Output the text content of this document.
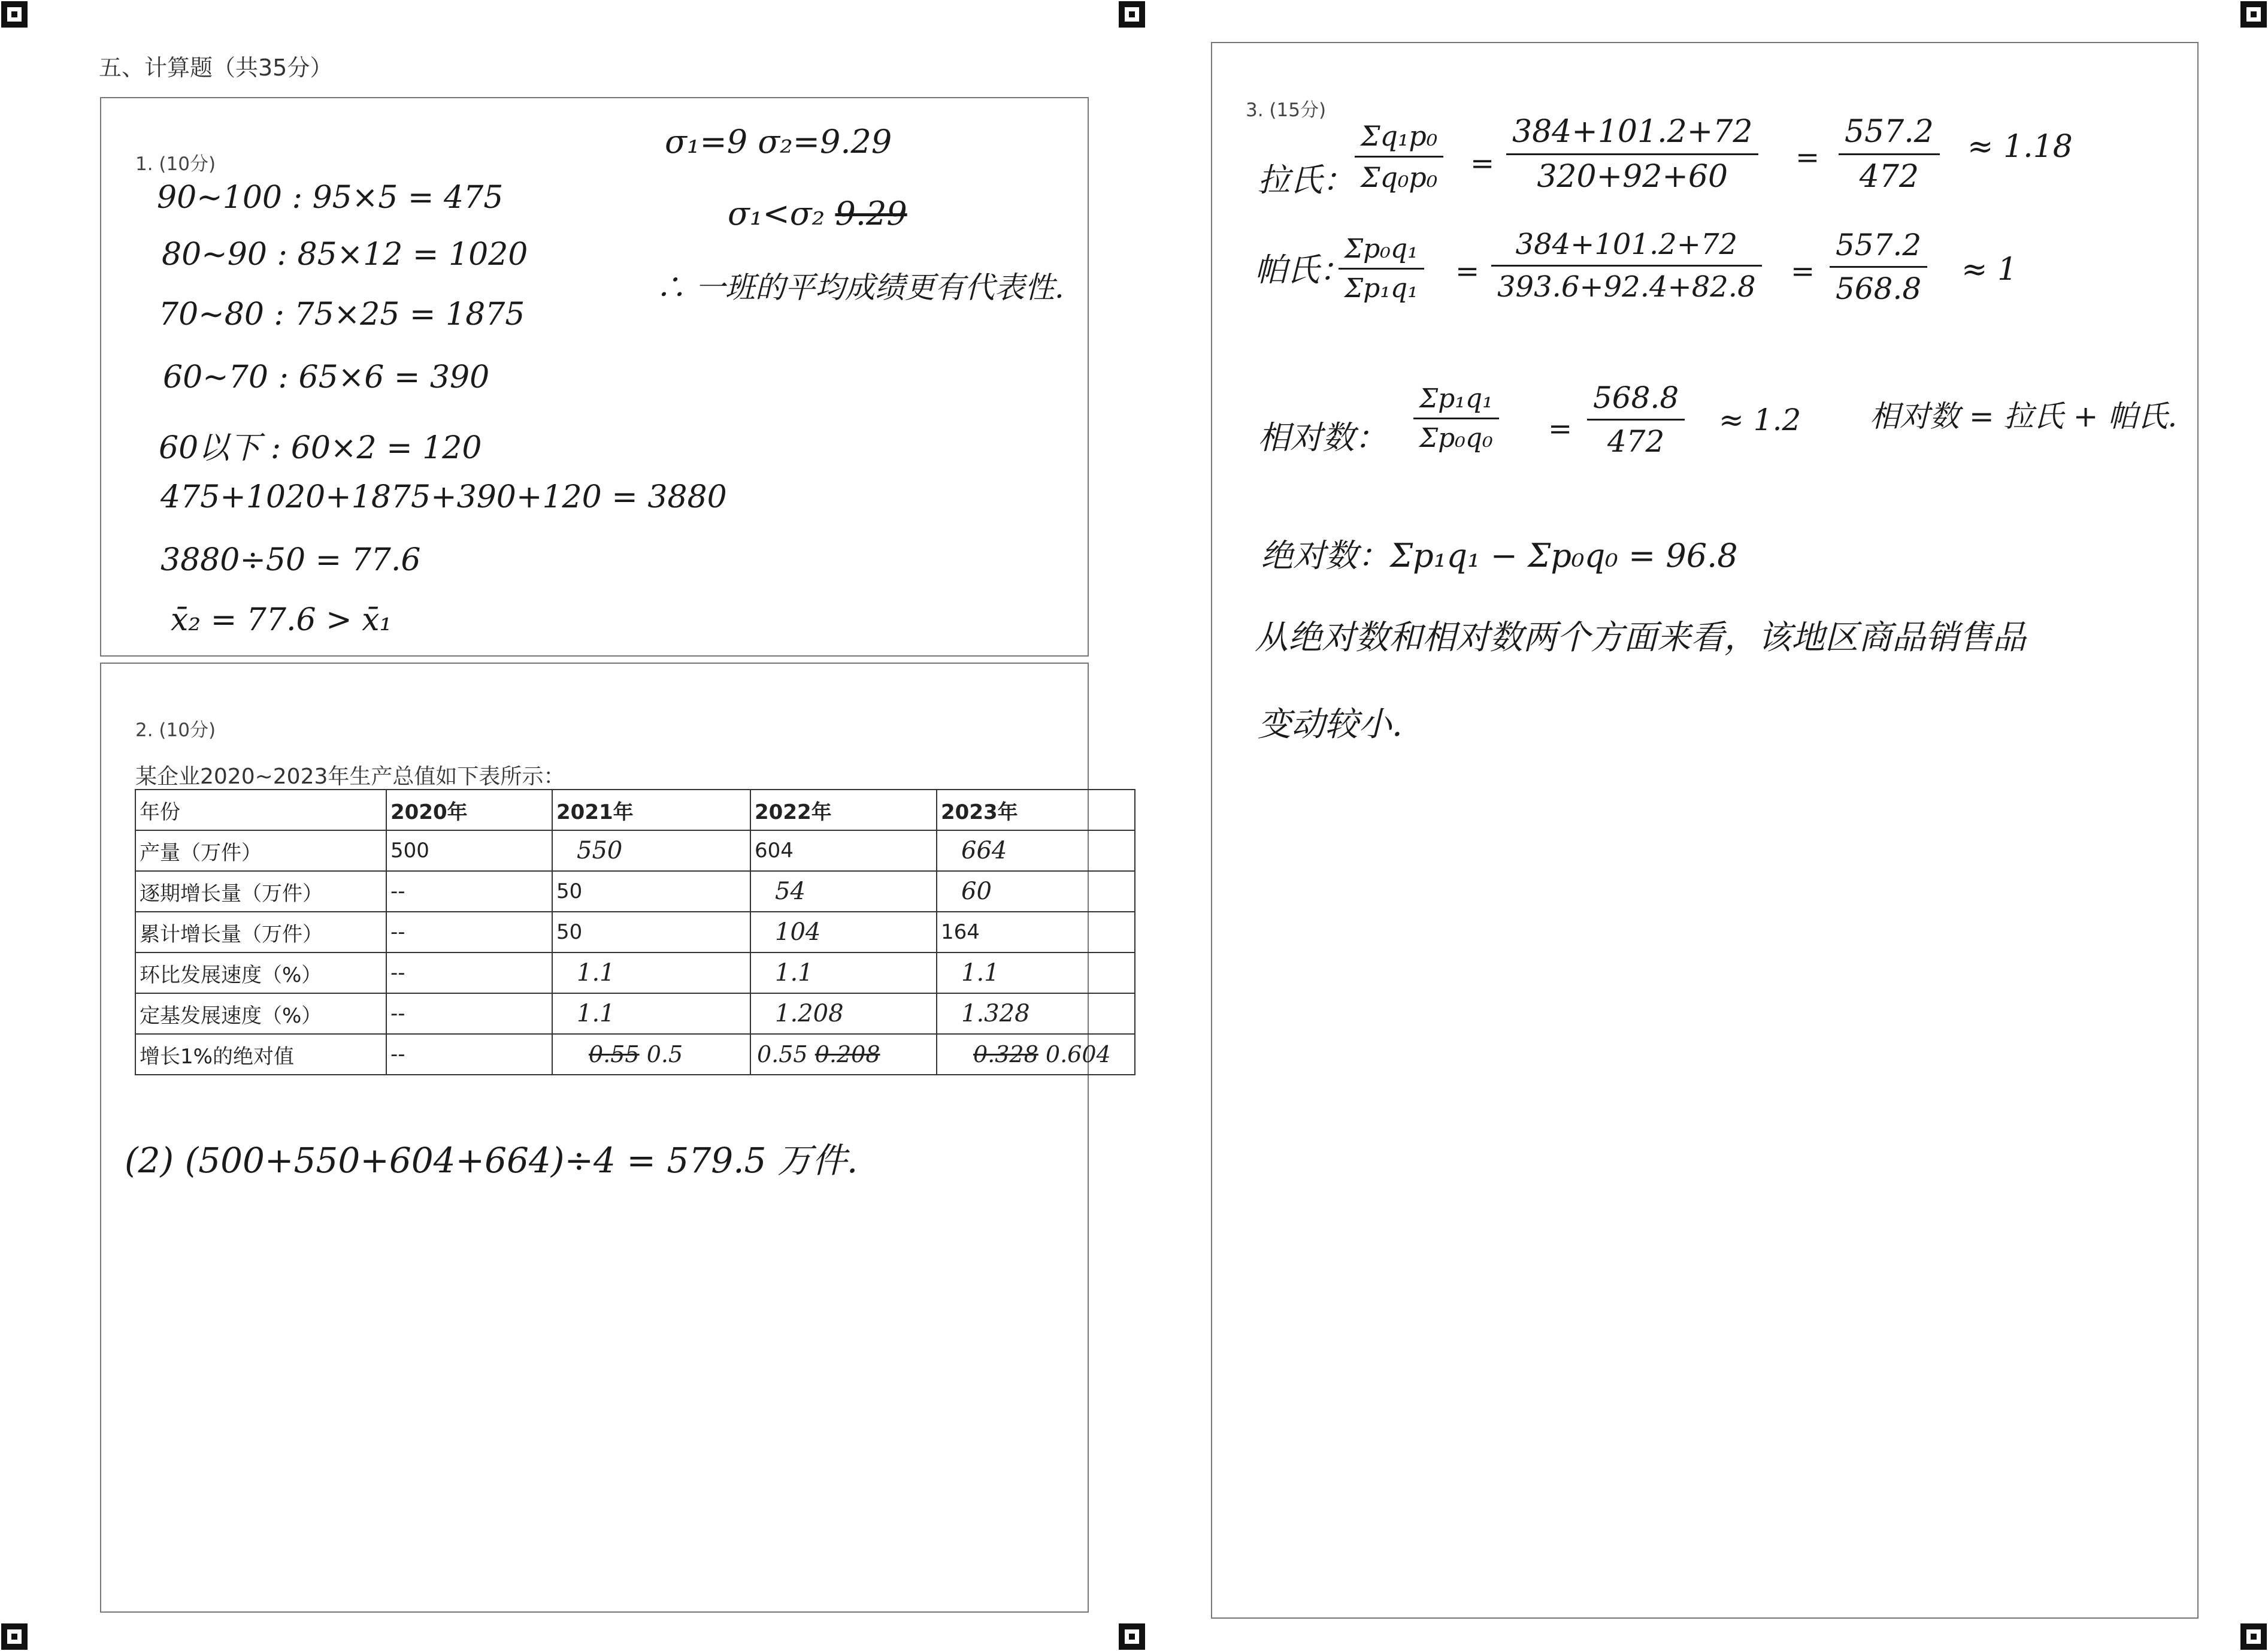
五、计算题（共35分）
1. (10分)
90~100 : 95×5 = 475
80~90 : 85×12 = 1020
70~80 : 75×25 = 1875
60~70 : 65×6 = 390
60以下 : 60×2 = 120
475+1020+1875+390+120 = 3880
3880÷50 = 77.6
x̄₂ = 77.6 > x̄₁
σ₁=9 σ₂=9.29
σ₁<σ₂ 9.29
∴ 一班的平均成绩更有代表性.
2. (10分)
某企业2020~2023年生产总值如下表所示：
年份	2020年	2021年	2022年	2023年
产量（万件）	500	550	604	664
逐期增长量（万件）	--	50	54	60
累计增长量（万件）	--	50	104	164
环比发展速度（%）	--	1.1	1.1	1.1
定基发展速度（%）	--	1.1	1.208	1.328
增长1%的绝对值	--	0.55 0.5	0.55 0.208	0.328 0.604
(2) (500+550+604+664)÷4 = 579.5 万件.
3. (15分)
拉氏： $\frac{\text{Σq₁p₀}}{\text{Σq₀p₀}} = \frac{384+101.2+72}{320+92+60} = \frac{557.2}{472} \approx 1.18$
帕氏：
$\frac{\text{Σp₀q₁}}{\text{Σp₁q₁}} = \frac{384+101.2+72}{393.6+92.4+82.8} = \frac{557.2}{568.8} \approx 1$
相对数： $\frac{\text{Σp₁q₁}}{\text{Σp₀q₀}} = \frac{568.8}{472} \approx 1.2$ 相对数 = 拉氏 + 帕氏.
绝对数：Σp₁q₁ − Σp₀q₀ = 96.8
从绝对数和相对数两个方面来看，该地区商品销售品
变动较小.
